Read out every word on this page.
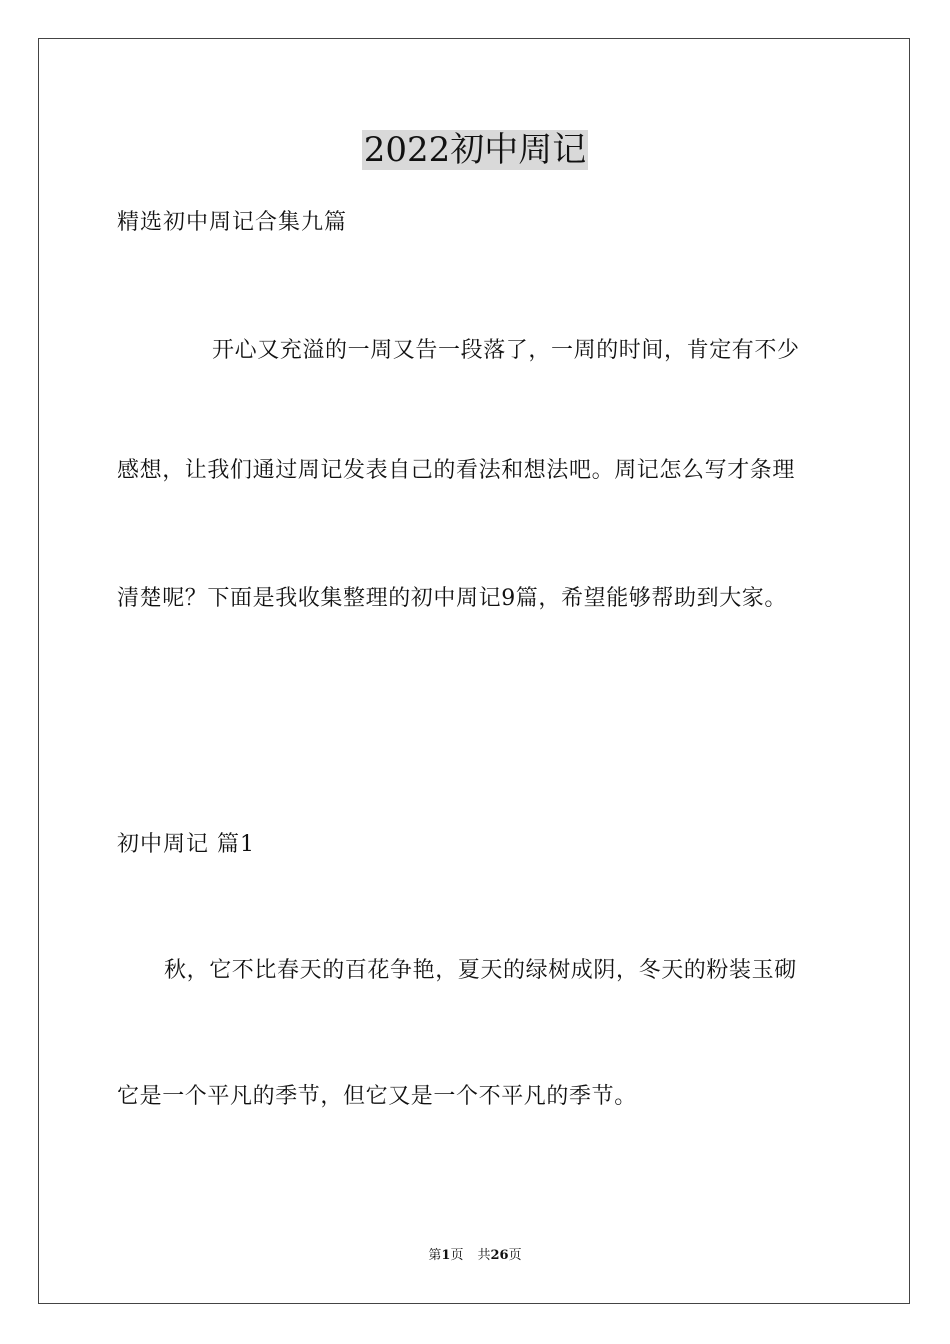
2022初中周记
精选初中周记合集九篇
开心又充溢的一周又告一段落了，一周的时间，肯定有不少
感想，让我们通过周记发表自己的看法和想法吧。周记怎么写才条理
清楚呢？下面是我收集整理的初中周记9篇，希望能够帮助到大家。
初中周记 篇1
秋，它不比春天的百花争艳，夏天的绿树成阴，冬天的粉装玉砌
它是一个平凡的季节，但它又是一个不平凡的季节。
第1页 共26页
